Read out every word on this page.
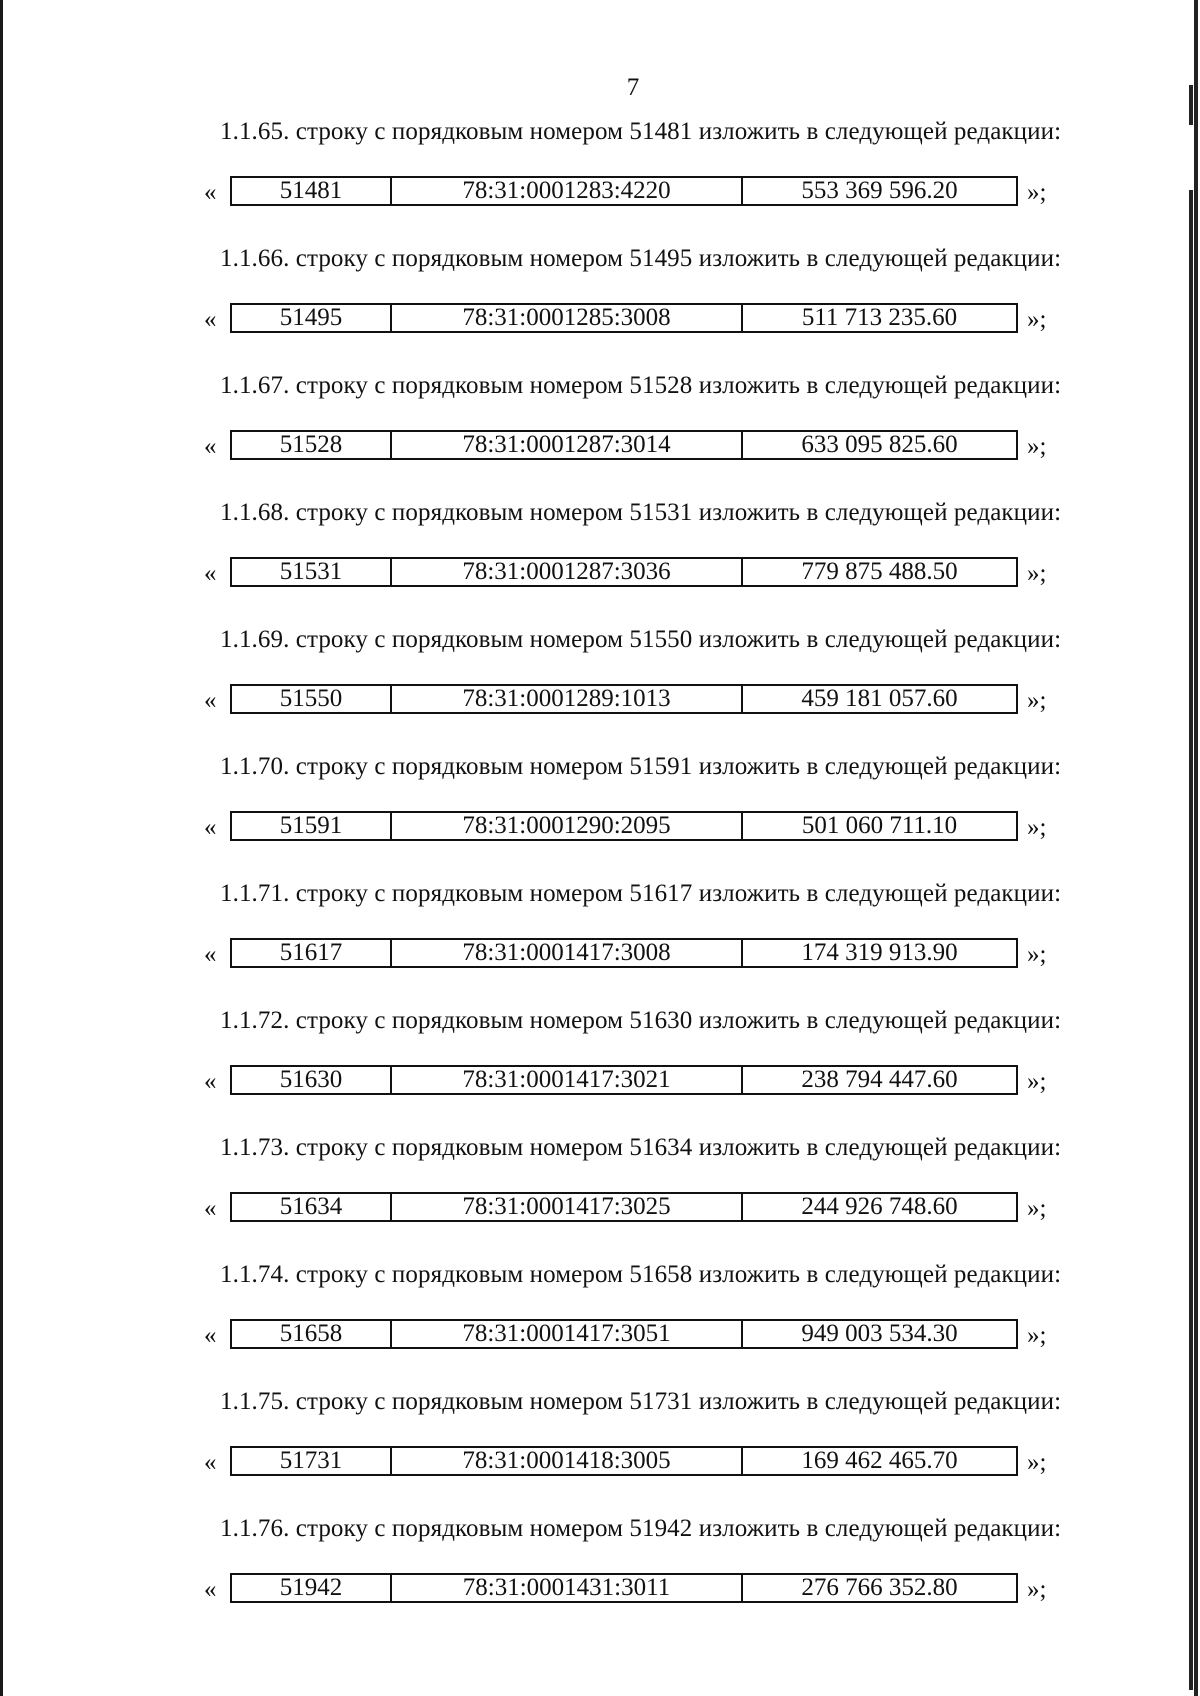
7
1.1.65. строку с порядковым номером 51481 изложить в следующей редакции:
«	51481	78:31:0001283:4220	553 369 596.20	»;
1.1.66. строку с порядковым номером 51495 изложить в следующей редакции:
«	51495	78:31:0001285:3008	511 713 235.60	»;
1.1.67. строку с порядковым номером 51528 изложить в следующей редакции:
«	51528	78:31:0001287:3014	633 095 825.60	»;
1.1.68. строку с порядковым номером 51531 изложить в следующей редакции:
«	51531	78:31:0001287:3036	779 875 488.50	»;
1.1.69. строку с порядковым номером 51550 изложить в следующей редакции:
«	51550	78:31:0001289:1013	459 181 057.60	»;
1.1.70. строку с порядковым номером 51591 изложить в следующей редакции:
«	51591	78:31:0001290:2095	501 060 711.10	»;
1.1.71. строку с порядковым номером 51617 изложить в следующей редакции:
«	51617	78:31:0001417:3008	174 319 913.90	»;
1.1.72. строку с порядковым номером 51630 изложить в следующей редакции:
«	51630	78:31:0001417:3021	238 794 447.60	»;
1.1.73. строку с порядковым номером 51634 изложить в следующей редакции:
«	51634	78:31:0001417:3025	244 926 748.60	»;
1.1.74. строку с порядковым номером 51658 изложить в следующей редакции:
«	51658	78:31:0001417:3051	949 003 534.30	»;
1.1.75. строку с порядковым номером 51731 изложить в следующей редакции:
«	51731	78:31:0001418:3005	169 462 465.70	»;
1.1.76. строку с порядковым номером 51942 изложить в следующей редакции:
«	51942	78:31:0001431:3011	276 766 352.80	»;
